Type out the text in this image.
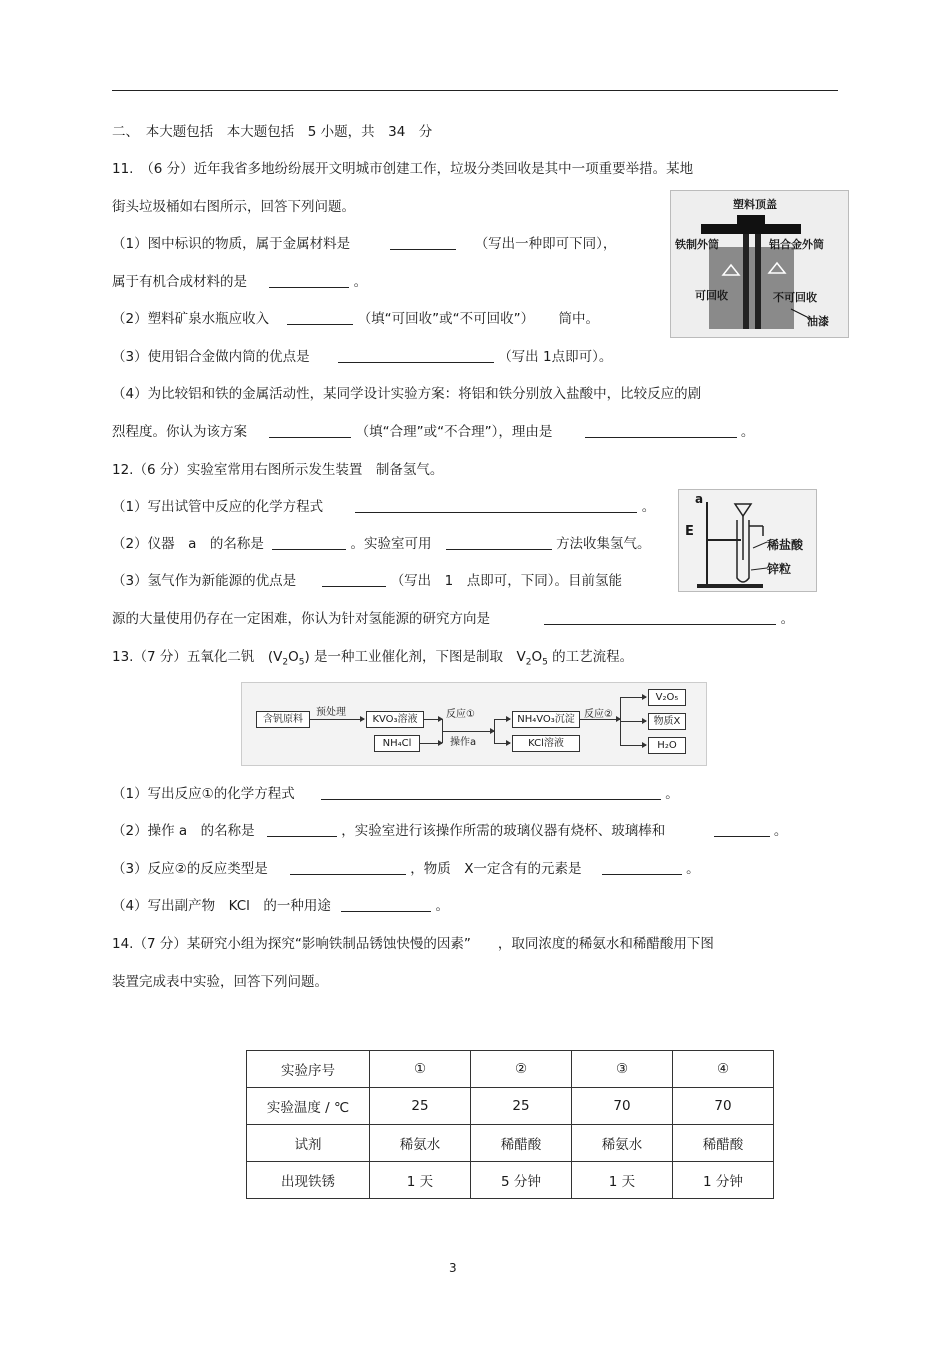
二、　本大题包括　本大题包括　5 小题，共　34　分
11.　（6 分）近年我省多地纷纷展开文明城市创建工作，垃圾分类回收是其中一项重要举措。某地
街头垃圾桶如右图所示，回答下列问题。
（1）图中标识的物质，属于金属材料是	（写出一种即可下同），
属于有机合成材料的是	。
（2）塑料矿泉水瓶应收入	（填“可回收”或“不可回收”） 筒中。
（3）使用铝合金做内筒的优点是	（写出 1点即可）。
（4）为比较铝和铁的金属活动性，某同学设计实验方案：将铝和铁分别放入盐酸中，比较反应的剧
烈程度。你认为该方案	（填“合理”或“不合理”），理由是	。
塑料顶盖
铁制外筒	铝合金外筒
可回收	不可回收
油漆
12.（6 分）实验室常用右图所示发生装置　制备氢气。
（1）写出试管中反应的化学方程式	。
（2）仪器　a　的名称是	。实验室可用	方法收集氢气。
（3）氢气作为新能源的优点是	（写出　1　点即可，下同）。目前氢能
源的大量使用仍存在一定困难，你认为针对氢能源的研究方向是	。
a
E
稀盐酸
锌粒
13.（7 分）五氧化二钒　$(V_2O_5)$ 是一种工业催化剂，下图是制取　$V_2O_5$ 的工艺流程。
含钒原料
预处理
KVO₃溶液
NH₄Cl
反应①
操作a
NH₄VO₃沉淀
KCl溶液
反应②
V₂O₅
物质X
H₂O
（1）写出反应①的化学方程式	。
（2）操作 a　的名称是	，实验室进行该操作所需的玻璃仪器有烧杯、玻璃棒和	。
（3）反应②的反应类型是	，物质　X一定含有的元素是	。
（4）写出副产物　KCl　的一种用途	。
14.（7 分）某研究小组为探究“影响铁制品锈蚀快慢的因素”　　，取同浓度的稀氨水和稀醋酸用下图
装置完成表中实验，回答下列问题。
实验序号	①	②	③	④
实验温度 / ℃	25	25	70	70
试剂	稀氨水	稀醋酸	稀氨水	稀醋酸
出现铁锈	1 天	5 分钟	1 天	1 分钟
3
